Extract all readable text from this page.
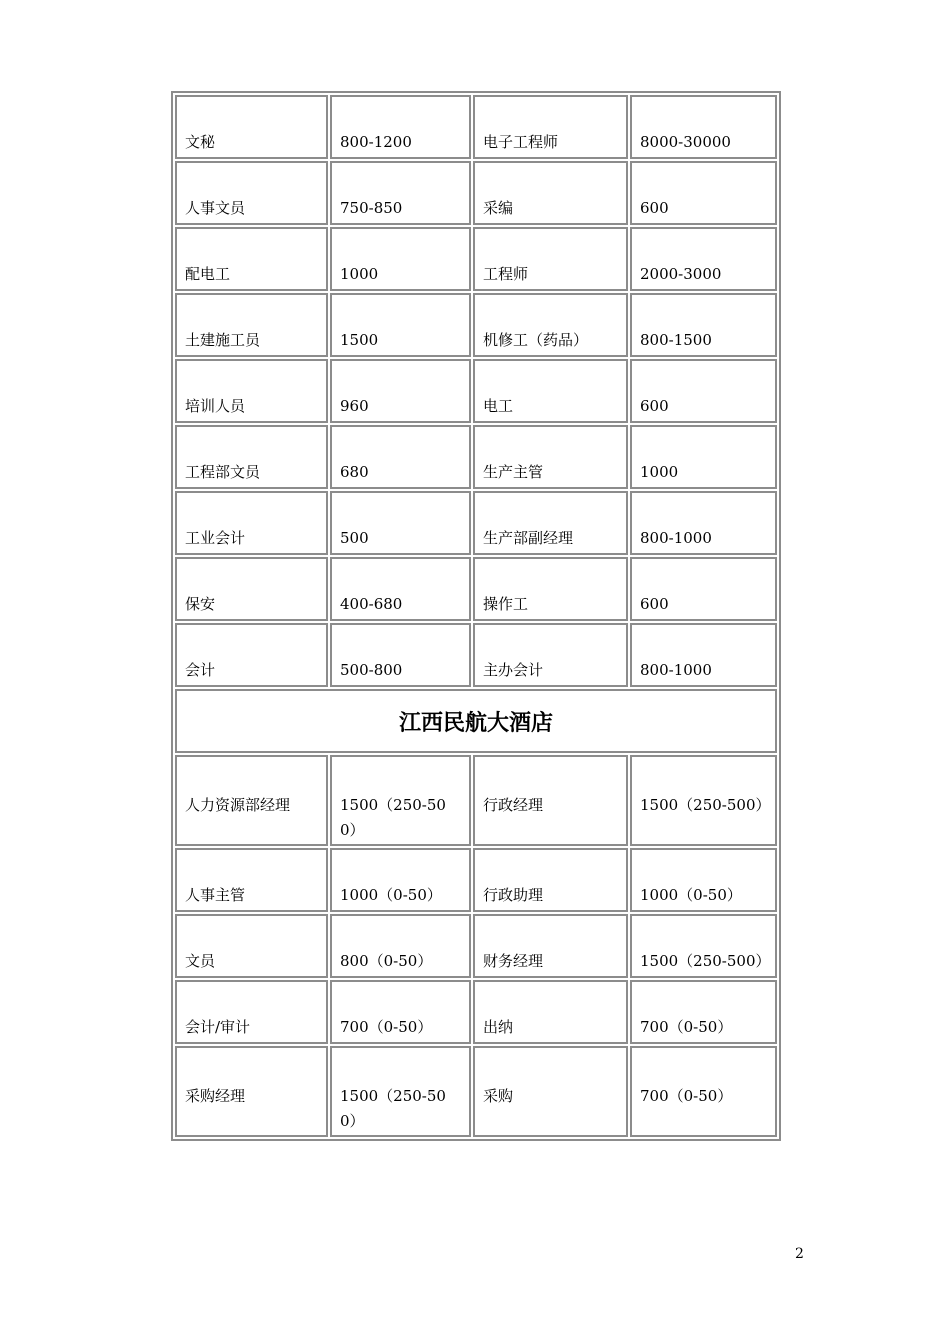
文秘	800-1200	电子工程师	8000-30000
人事文员	750-850	采编	600
配电工	1000	工程师	2000-3000
土建施工员	1500	机修工（药品）	800-1500
培训人员	960	电工	600
工程部文员	680	生产主管	1000
工业会计	500	生产部副经理	800-1000
保安	400-680	操作工	600
会计	500-800	主办会计	800-1000
江西民航大酒店			
人力资源部经理	1500（250-500）	行政经理	1500（250-500）
人事主管	1000（0-50）	行政助理	1000（0-50）
文员	800（0-50）	财务经理	1500（250-500）
会计/审计	700（0-50）	出纳	700（0-50）
采购经理	1500（250-500）	采购	700（0-50）
2
